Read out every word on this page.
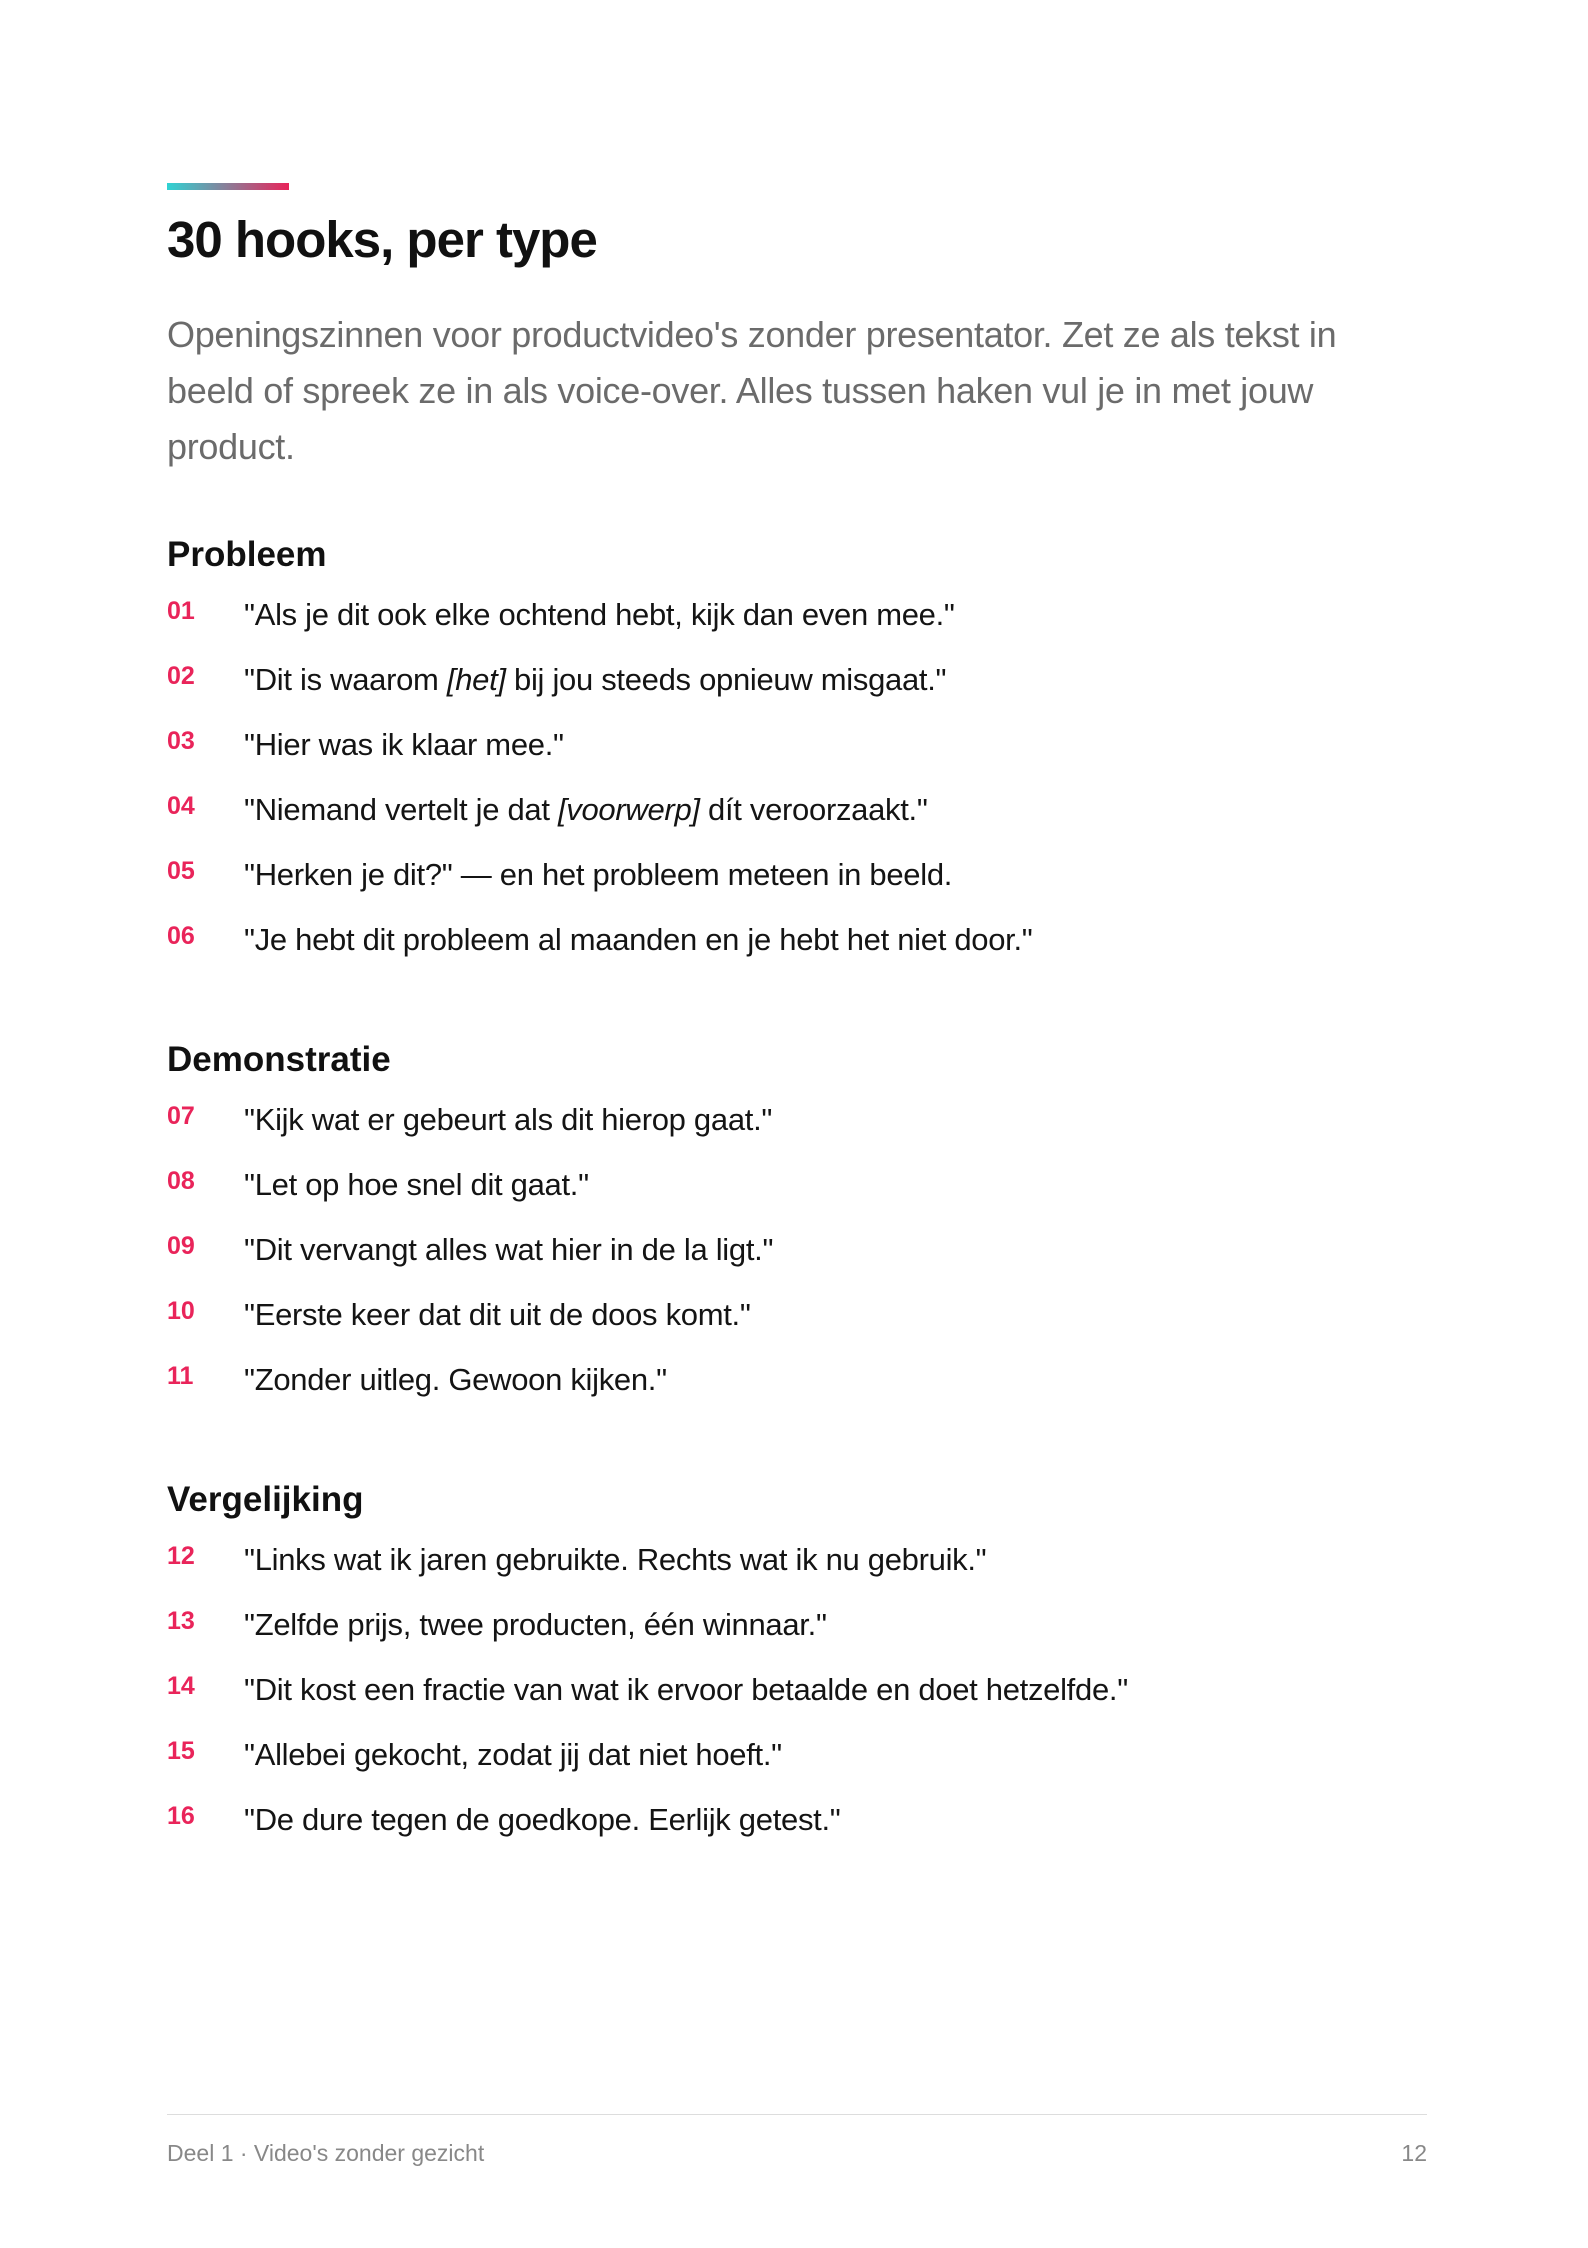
30 hooks, per type

Openingszinnen voor productvideo's zonder presentator. Zet ze als tekst in beeld of spreek ze in als voice-over. Alles tussen haken vul je in met jouw product.

Probleem
01	"Als je dit ook elke ochtend hebt, kijk dan even mee."
02	"Dit is waarom [het] bij jou steeds opnieuw misgaat."
03	"Hier was ik klaar mee."
04	"Niemand vertelt je dat [voorwerp] dít veroorzaakt."
05	"Herken je dit?" — en het probleem meteen in beeld.
06	"Je hebt dit probleem al maanden en je hebt het niet door."
Demonstratie
07	"Kijk wat er gebeurt als dit hierop gaat."
08	"Let op hoe snel dit gaat."
09	"Dit vervangt alles wat hier in de la ligt."
10	"Eerste keer dat dit uit de doos komt."
11	"Zonder uitleg. Gewoon kijken."
Vergelijking
12	"Links wat ik jaren gebruikte. Rechts wat ik nu gebruik."
13	"Zelfde prijs, twee producten, één winnaar."
14	"Dit kost een fractie van wat ik ervoor betaalde en doet hetzelfde."
15	"Allebei gekocht, zodat jij dat niet hoeft."
16	"De dure tegen de goedkope. Eerlijk getest."
Deel 1 · Video's zonder gezicht	12
